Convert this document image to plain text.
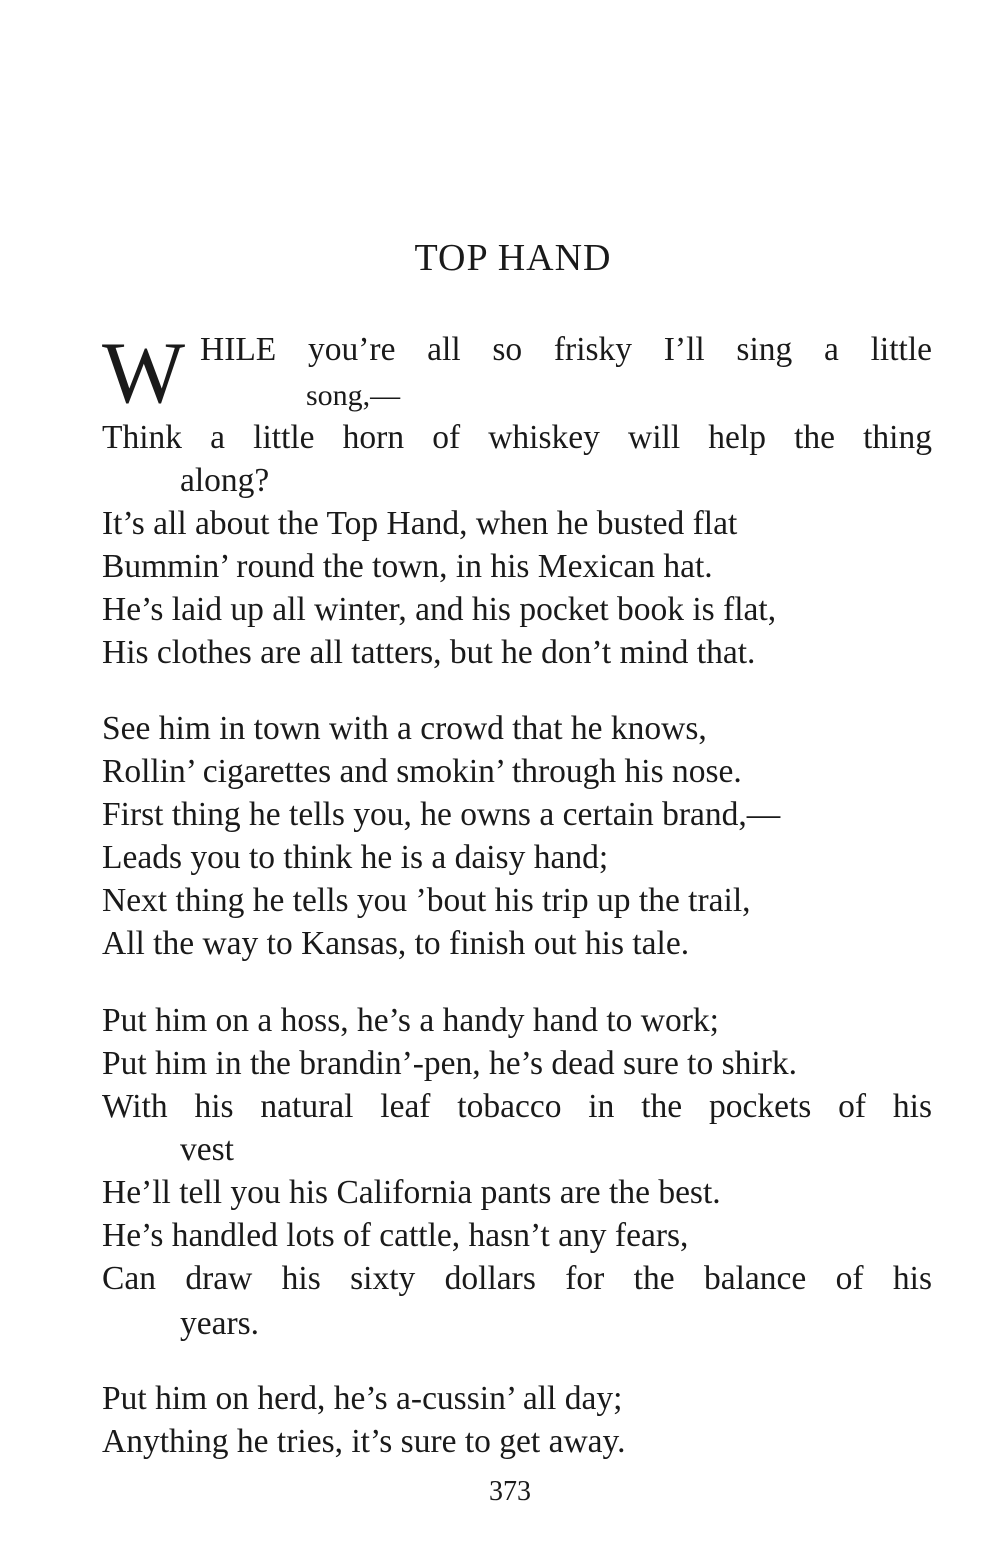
TOP HAND
W HILE you’re all so frisky I’ll sing a little
song,—
Think a little horn of whiskey will help the thing
along?
It’s all about the Top Hand, when he busted flat
Bummin’ round the town, in his Mexican hat.
He’s laid up all winter, and his pocket book is flat,
His clothes are all tatters, but he don’t mind that.
See him in town with a crowd that he knows,
Rollin’ cigarettes and smokin’ through his nose.
First thing he tells you, he owns a certain brand,—
Leads you to think he is a daisy hand;
Next thing he tells you ’bout his trip up the trail,
All the way to Kansas, to finish out his tale.
Put him on a hoss, he’s a handy hand to work;
Put him in the brandin’-pen, he’s dead sure to shirk.
With his natural leaf tobacco in the pockets of his
vest
He’ll tell you his California pants are the best.
He’s handled lots of cattle, hasn’t any fears,
Can draw his sixty dollars for the balance of his
years.
Put him on herd, he’s a-cussin’ all day;
Anything he tries, it’s sure to get away.
373
